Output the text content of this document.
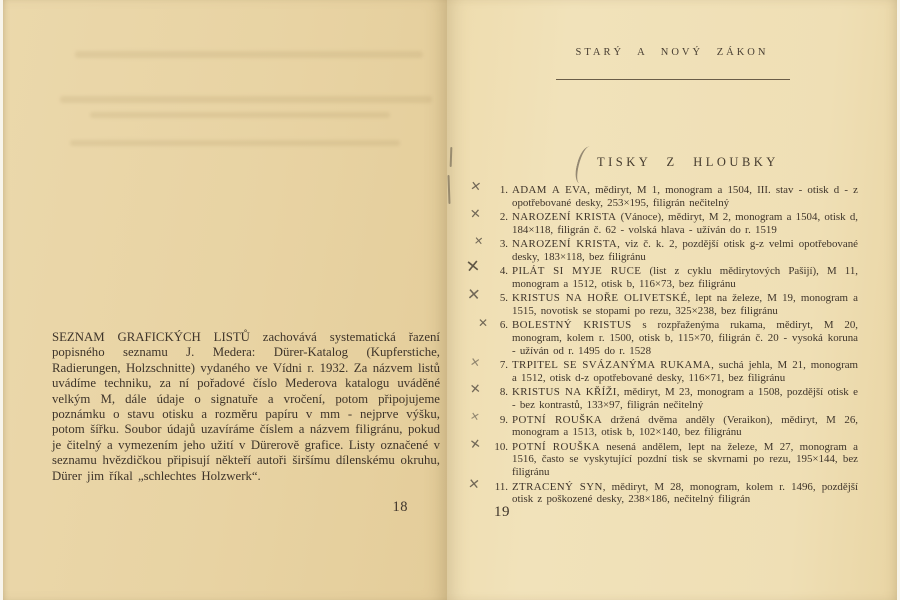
SEZNAM GRAFICKÝCH LISTŮ zachovává systematická řazení popisného seznamu J. Medera: Dürer-Katalog (Kupferstiche, Radierungen, Holzschnitte) vydaného ve Vídni r. 1932. Za názvem listů uvádíme techniku, za ní pořadové číslo Mederova katalogu uváděné velkým M, dále údaje o signatuře a vročení, potom připojujeme poznámku o stavu otisku a rozměru papíru v mm - nejprve výšku, potom šířku. Soubor údajů uzavíráme číslem a názvem filigránu, pokud je čitelný a vymezením jeho užití v Dürerově grafice. Listy označené v seznamu hvězdičkou připisují někteří autoři širšímu dílenskému okruhu, Dürer jim říkal „schlechtes Holzwerk“.
18
STARÝ A NOVÝ ZÁKON
TISKY Z HLOUBKY
✕	1. ADAM A EVA, mědiryt, M 1, monogram a 1504, III. stav - otisk d - z opotřebované desky, 253×195, filigrán nečitelný
✕	2. NAROZENÍ KRISTA (Vánoce), mědiryt, M 2, monogram a 1504, otisk d, 184×118, filigrán č. 62 - volská hlava - užíván do r. 1519
✕	3. NAROZENÍ KRISTA, viz č. k. 2, pozdější otisk g-z velmi opotřebované desky, 183×118, bez filigránu
✕	4. PILÁT SI MYJE RUCE (list z cyklu mědirytových Pašijí), M 11, monogram a 1512, otisk b, 116×73, bez filigránu
✕	5. KRISTUS NA HOŘE OLIVETSKÉ, lept na železe, M 19, monogram a 1515, novotisk se stopami po rezu, 325×238, bez filigránu
✕	6. BOLESTNÝ KRISTUS s rozpřaženýma rukama, mědiryt, M 20, monogram, kolem r. 1500, otisk b, 115×70, filigrán č. 20 - vysoká koruna - užíván od r. 1495 do r. 1528
✕	7. TRPITEL SE SVÁZANÝMA RUKAMA, suchá jehla, M 21, monogram a 1512, otisk d-z opotřebované desky, 116×71, bez filigránu
✕	8. KRISTUS NA KŘÍŽI, mědiryt, M 23, monogram a 1508, pozdější otisk e - bez kontrastů, 133×97, filigrán nečitelný
✕	9. POTNÍ ROUŠKA držená dvěma anděly (Veraikon), mědiryt, M 26, monogram a 1513, otisk b, 102×140, bez filigránu
✕	10. POTNÍ ROUŠKA nesená andělem, lept na železe, M 27, monogram a 1516, často se vyskytující pozdní tisk se skvrnami po rezu, 195×144, bez filigránu
✕	11. ZTRACENÝ SYN, mědiryt, M 28, monogram, kolem r. 1496, pozdější otisk z poškozené desky, 238×186, nečitelný filigrán
19
